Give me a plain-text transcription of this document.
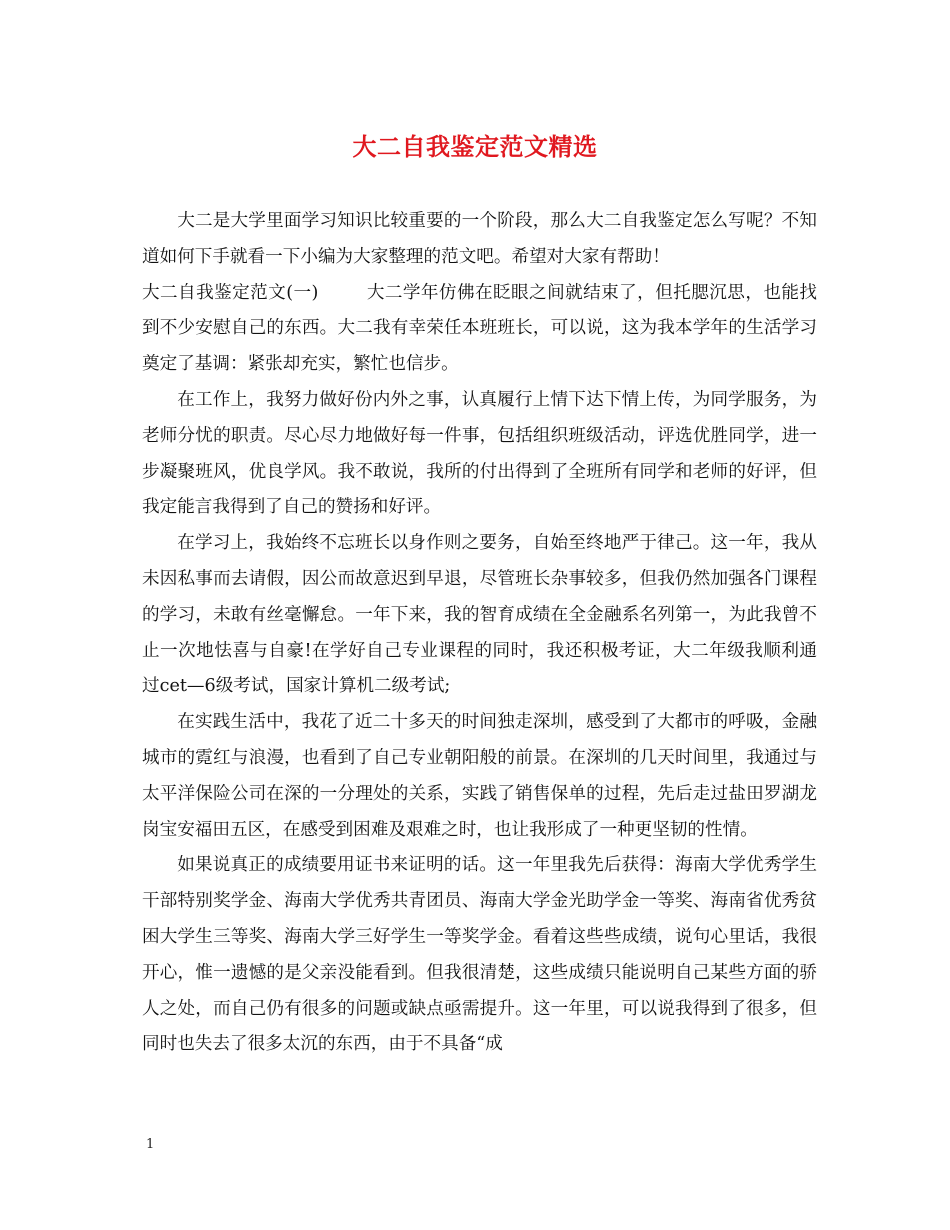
大二自我鉴定范文精选

大二是大学里面学习知识比较重要的一个阶段，那么大二自我鉴定怎么写呢？不知道如何下手就看一下小编为大家整理的范文吧。希望对大家有帮助！

大二自我鉴定范文(一)	大二学年仿佛在眨眼之间就结束了，但托腮沉思，也能找到不少安慰自己的东西。大二我有幸荣任本班班长，可以说，这为我本学年的生活学习奠定了基调：紧张却充实，繁忙也信步。

在工作上，我努力做好份内外之事，认真履行上情下达下情上传，为同学服务，为老师分忧的职责。尽心尽力地做好每一件事，包括组织班级活动，评选优胜同学，进一步凝聚班风，优良学风。我不敢说，我所的付出得到了全班所有同学和老师的好评，但我定能言我得到了自己的赞扬和好评。

在学习上，我始终不忘班长以身作则之要务，自始至终地严于律己。这一年，我从未因私事而去请假，因公而故意迟到早退，尽管班长杂事较多，但我仍然加强各门课程的学习，未敢有丝毫懈怠。一年下来，我的智育成绩在全金融系名列第一，为此我曾不止一次地怯喜与自豪!在学好自己专业课程的同时，我还积极考证，大二年级我顺利通过cet—6级考试，国家计算机二级考试;

在实践生活中，我花了近二十多天的时间独走深圳，感受到了大都市的呼吸，金融城市的霓红与浪漫，也看到了自己专业朝阳般的前景。在深圳的几天时间里，我通过与太平洋保险公司在深的一分理处的关系，实践了销售保单的过程，先后走过盐田罗湖龙岗宝安福田五区，在感受到困难及艰难之时，也让我形成了一种更坚韧的性情。

如果说真正的成绩要用证书来证明的话。这一年里我先后获得：海南大学优秀学生干部特别奖学金、海南大学优秀共青团员、海南大学金光助学金一等奖、海南省优秀贫困大学生三等奖、海南大学三好学生一等奖学金。看着这些些成绩，说句心里话，我很开心，惟一遗憾的是父亲没能看到。但我很清楚，这些成绩只能说明自己某些方面的骄人之处，而自己仍有很多的问题或缺点亟需提升。这一年里，可以说我得到了很多，但同时也失去了很多太沉的东西，由于不具备“成

1
